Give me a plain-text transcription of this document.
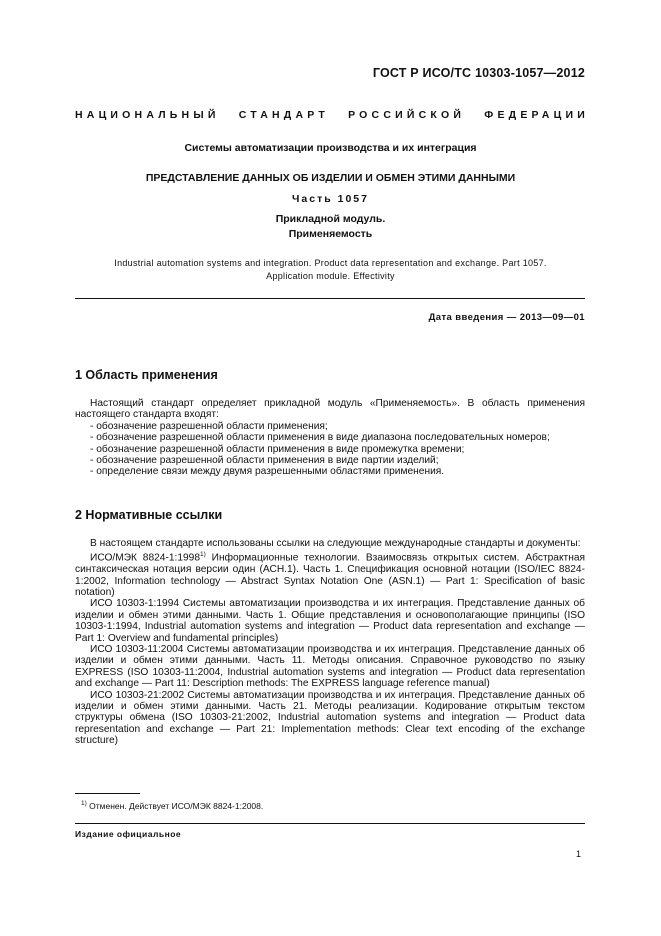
ГОСТ Р ИСО/ТС 10303-1057—2012
НАЦИОНАЛЬНЫЙ СТАНДАРТ РОССИЙСКОЙ ФЕДЕРАЦИИ
Системы автоматизации производства и их интеграция
ПРЕДСТАВЛЕНИЕ ДАННЫХ ОБ ИЗДЕЛИИ И ОБМЕН ЭТИМИ ДАННЫМИ
Часть 1057
Прикладной модуль.
Применяемость
Industrial automation systems and integration. Product data representation and exchange. Part 1057.
Application module. Effectivity
Дата введения — 2013—09—01
1 Область применения

Настоящий стандарт определяет прикладной модуль «Применяемость». В область применения настоящего стандарта входят:

- обозначение разрешенной области применения;

- обозначение разрешенной области применения в виде диапазона последовательных номеров;

- обозначение разрешенной области применения в виде промежутка времени;

- обозначение разрешенной области применения в виде партии изделий;

- определение связи между двумя разрешенными областями применения.

2 Нормативные ссылки

В настоящем стандарте использованы ссылки на следующие международные стандарты и документы:

ИСО/МЭК 8824-1:1998$^{1)}$ Информационные технологии. Взаимосвязь открытых систем. Абстрактная синтаксическая нотация версии один (АСН.1). Часть 1. Спецификация основной нотации (ISO/IEC 8824-1:2002, Information technology — Abstract Syntax Notation One (ASN.1) — Part 1: Specification of basic notation)

ИСО 10303-1:1994 Системы автоматизации производства и их интеграция. Представление данных об изделии и обмен этими данными. Часть 1. Общие представления и основополагающие принципы (ISO 10303-1:1994, Industrial automation systems and integration — Product data representation and exchange — Part 1: Overview and fundamental principles)

ИСО 10303-11:2004 Системы автоматизации производства и их интеграция. Представление данных об изделии и обмен этими данными. Часть 11. Методы описания. Справочное руководство по языку EXPRESS (ISO 10303-11:2004, Industrial automation systems and integration — Product data representation and exchange — Part 11: Description methods: The EXPRESS language reference manual)

ИСО 10303-21:2002 Системы автоматизации производства и их интеграция. Представление данных об изделии и обмен этими данными. Часть 21. Методы реализации. Кодирование открытым текстом структуры обмена (ISO 10303-21:2002, Industrial automation systems and integration — Product data representation and exchange — Part 21: Implementation methods: Clear text encoding of the exchange structure)

$^{1)}$ Отменен. Действует ИСО/МЭК 8824-1:2008.
Издание официальное
1
